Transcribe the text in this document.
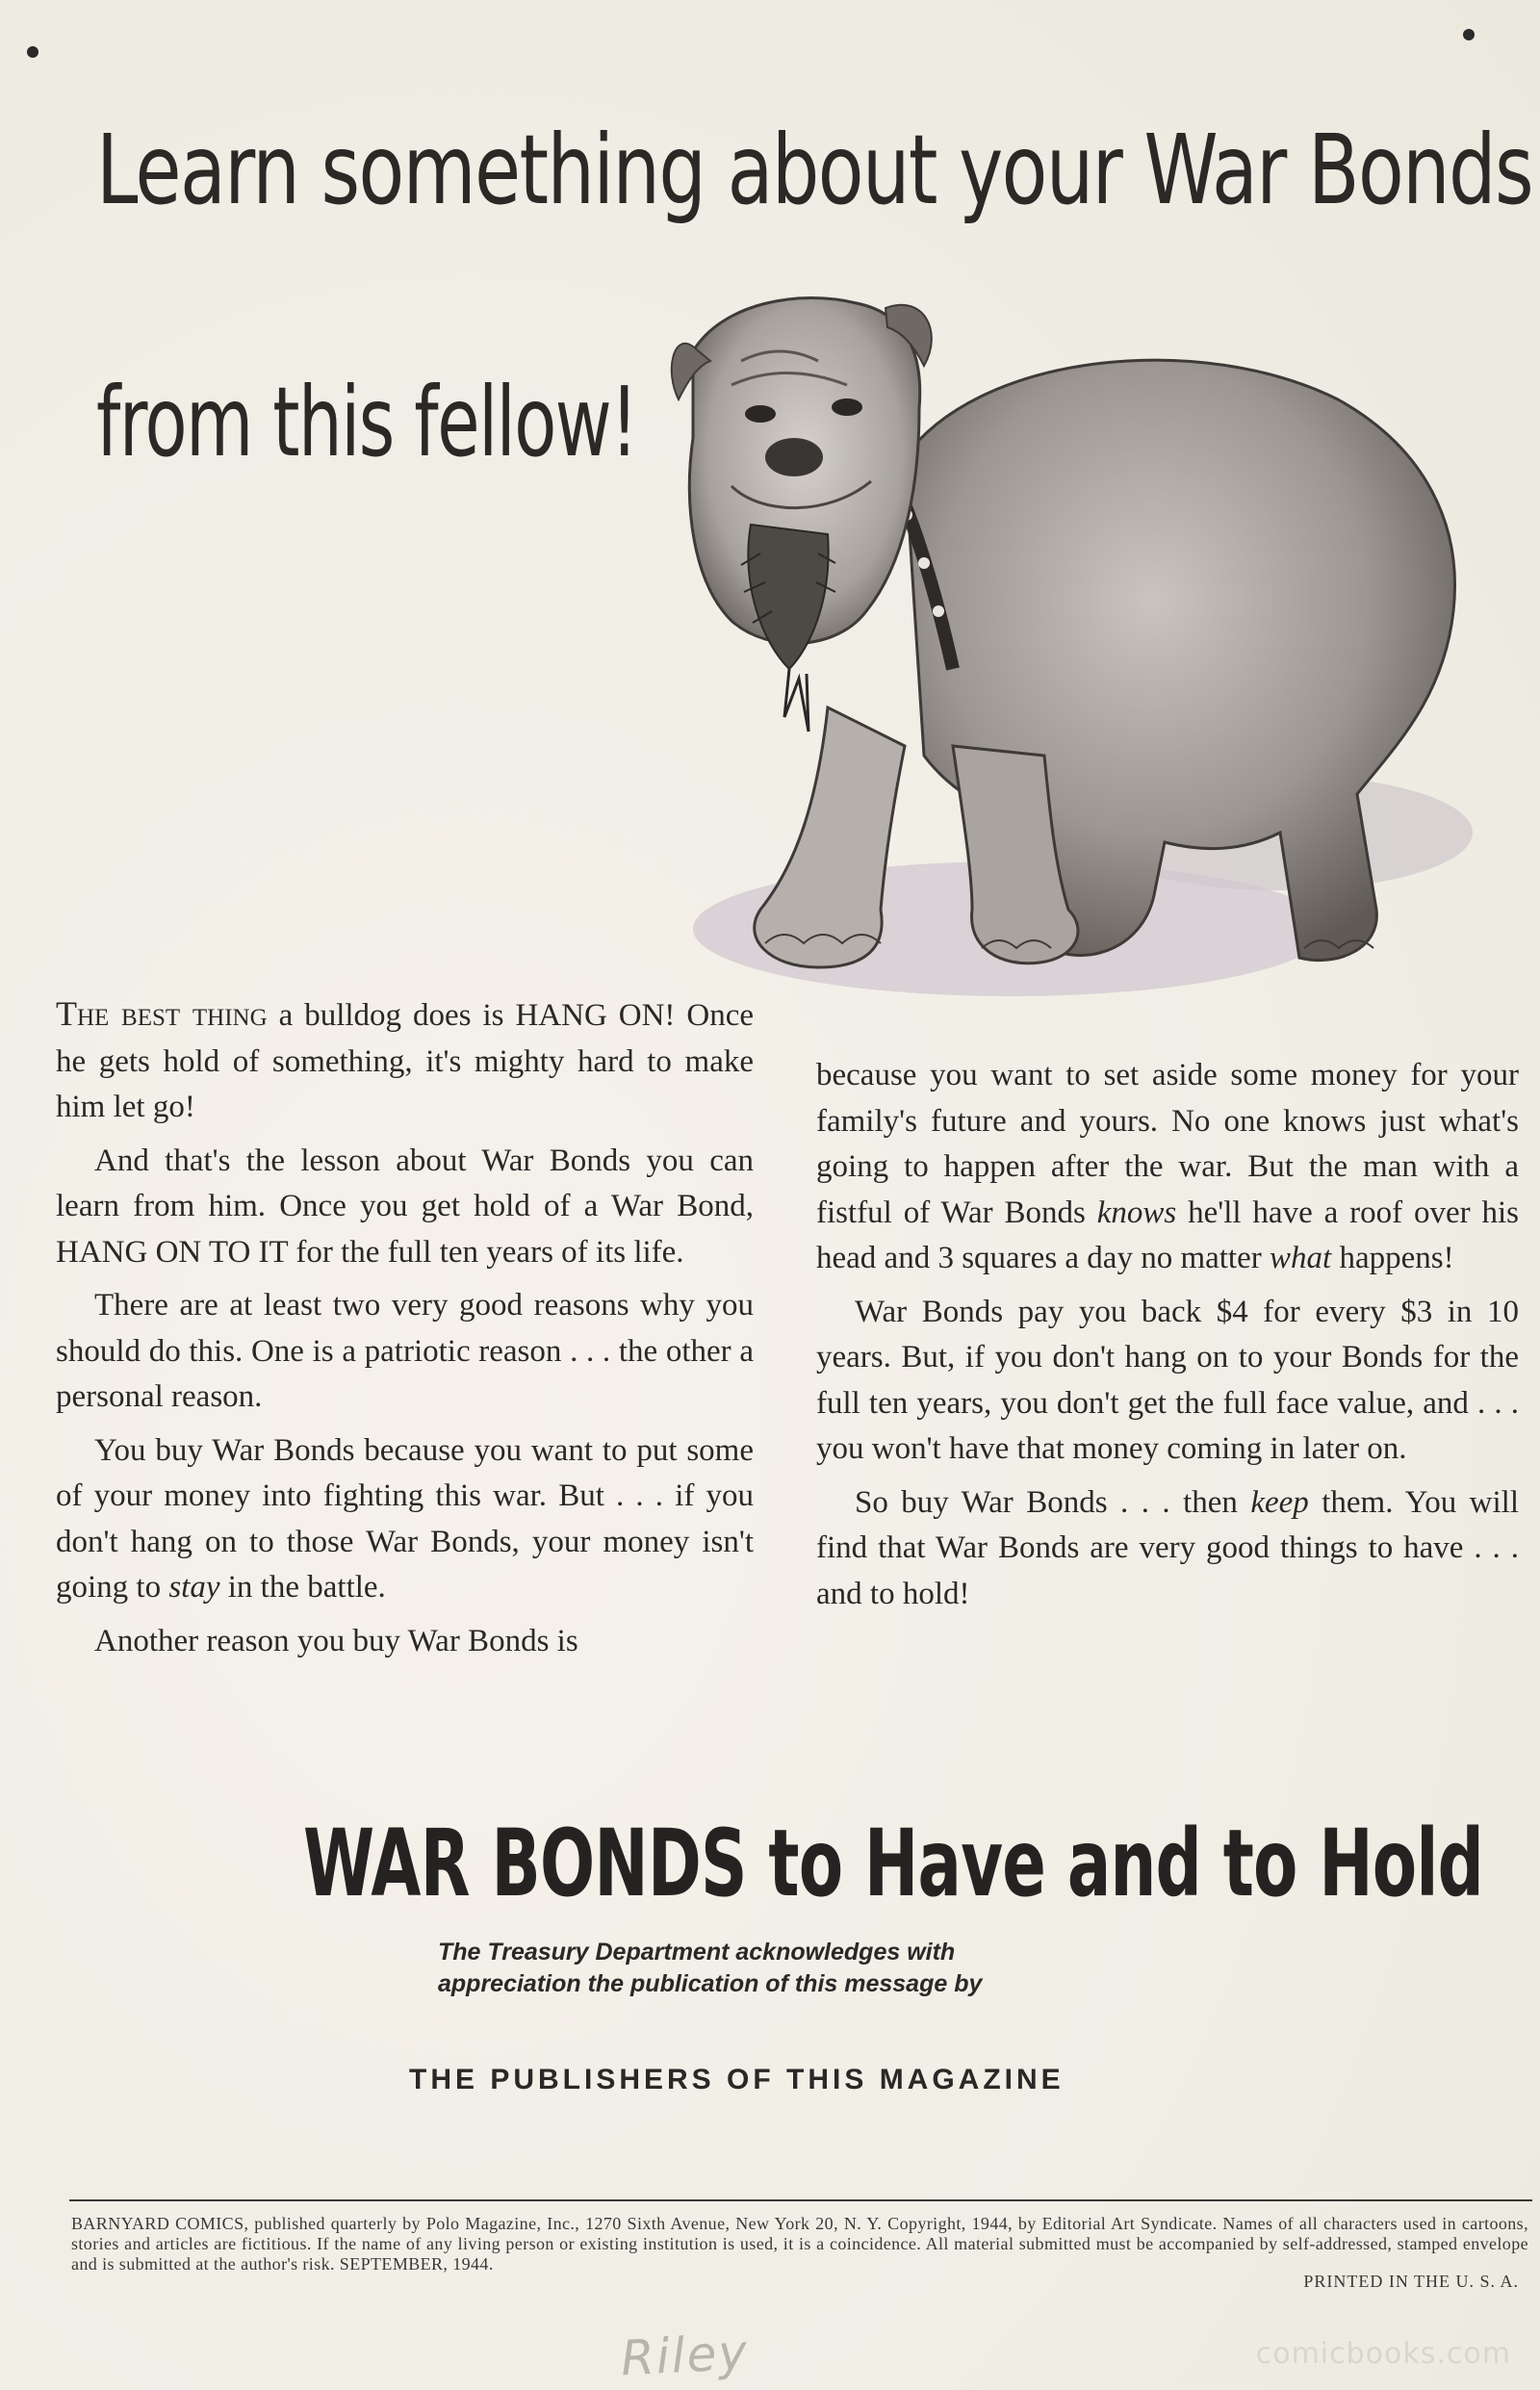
Learn something about your War Bonds
from this fellow!

The best thing a bulldog does is HANG ON! Once he gets hold of something, it's mighty hard to make him let go!

And that's the lesson about War Bonds you can learn from him. Once you get hold of a War Bond, HANG ON TO IT for the full ten years of its life.

There are at least two very good reasons why you should do this. One is a patriotic reason . . . the other a personal reason.

You buy War Bonds because you want to put some of your money into fighting this war. But . . . if you don't hang on to those War Bonds, your money isn't going to stay in the battle.

Another reason you buy War Bonds is

because you want to set aside some money for your family's future and yours. No one knows just what's going to happen after the war. But the man with a fistful of War Bonds knows he'll have a roof over his head and 3 squares a day no matter what happens!

War Bonds pay you back $4 for every $3 in 10 years. But, if you don't hang on to your Bonds for the full ten years, you don't get the full face value, and . . . you won't have that money coming in later on.

So buy War Bonds . . . then keep them. You will find that War Bonds are very good things to have . . . and to hold!

WAR BONDS to Have and to Hold
The Treasury Department acknowledges with
appreciation the publication of this message by

THE PUBLISHERS OF THIS MAGAZINE

BARNYARD COMICS, published quarterly by Polo Magazine, Inc., 1270 Sixth Avenue, New York 20, N. Y. Copyright, 1944, by Editorial Art Syndicate. Names of all characters used in cartoons, stories and articles are fictitious. If the name of any living person or existing institution is used, it is a coincidence. All material submitted must be accompanied by self-addressed, stamped envelope and is submitted at the author's risk. SEPTEMBER, 1944.

PRINTED IN THE U. S. A.

Riley	comicbooks.com
